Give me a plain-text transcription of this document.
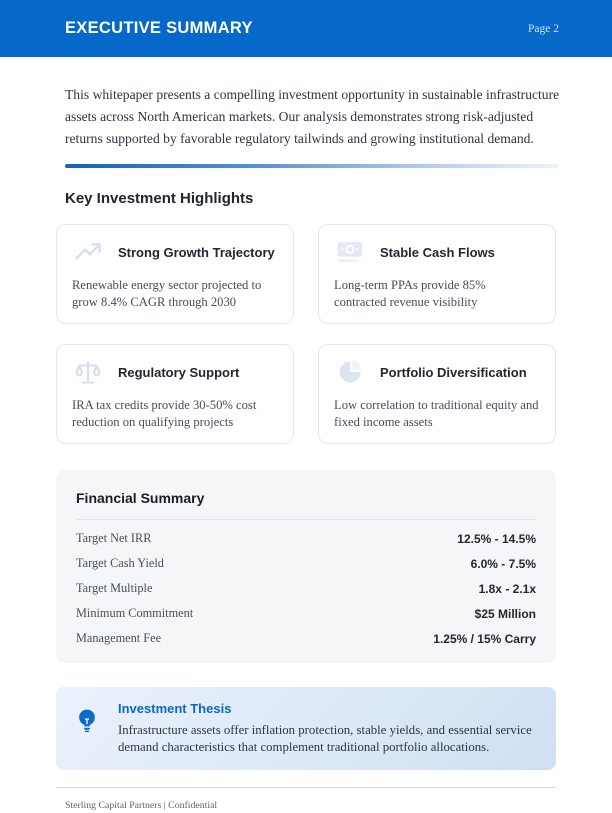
EXECUTIVE SUMMARY	Page 2

This whitepaper presents a compelling investment opportunity in sustainable infrastructure assets across North American markets. Our analysis demonstrates strong risk-adjusted returns supported by favorable regulatory tailwinds and growing institutional demand.

Key Investment Highlights
Strong Growth Trajectory

Renewable energy sector projected to grow 8.4% CAGR through 2030

Stable Cash Flows

Long-term PPAs provide 85% contracted revenue visibility

Regulatory Support

IRA tax credits provide 30-50% cost reduction on qualifying projects

Portfolio Diversification

Low correlation to traditional equity and fixed income assets

Financial Summary
Target Net IRR	12.5% - 14.5%
Target Cash Yield	6.0% - 7.5%
Target Multiple	1.8x - 2.1x
Minimum Commitment	$25 Million
Management Fee	1.25% / 15% Carry
Investment Thesis

Infrastructure assets offer inflation protection, stable yields, and essential service demand characteristics that complement traditional portfolio allocations.

Sterling Capital Partners | Confidential
